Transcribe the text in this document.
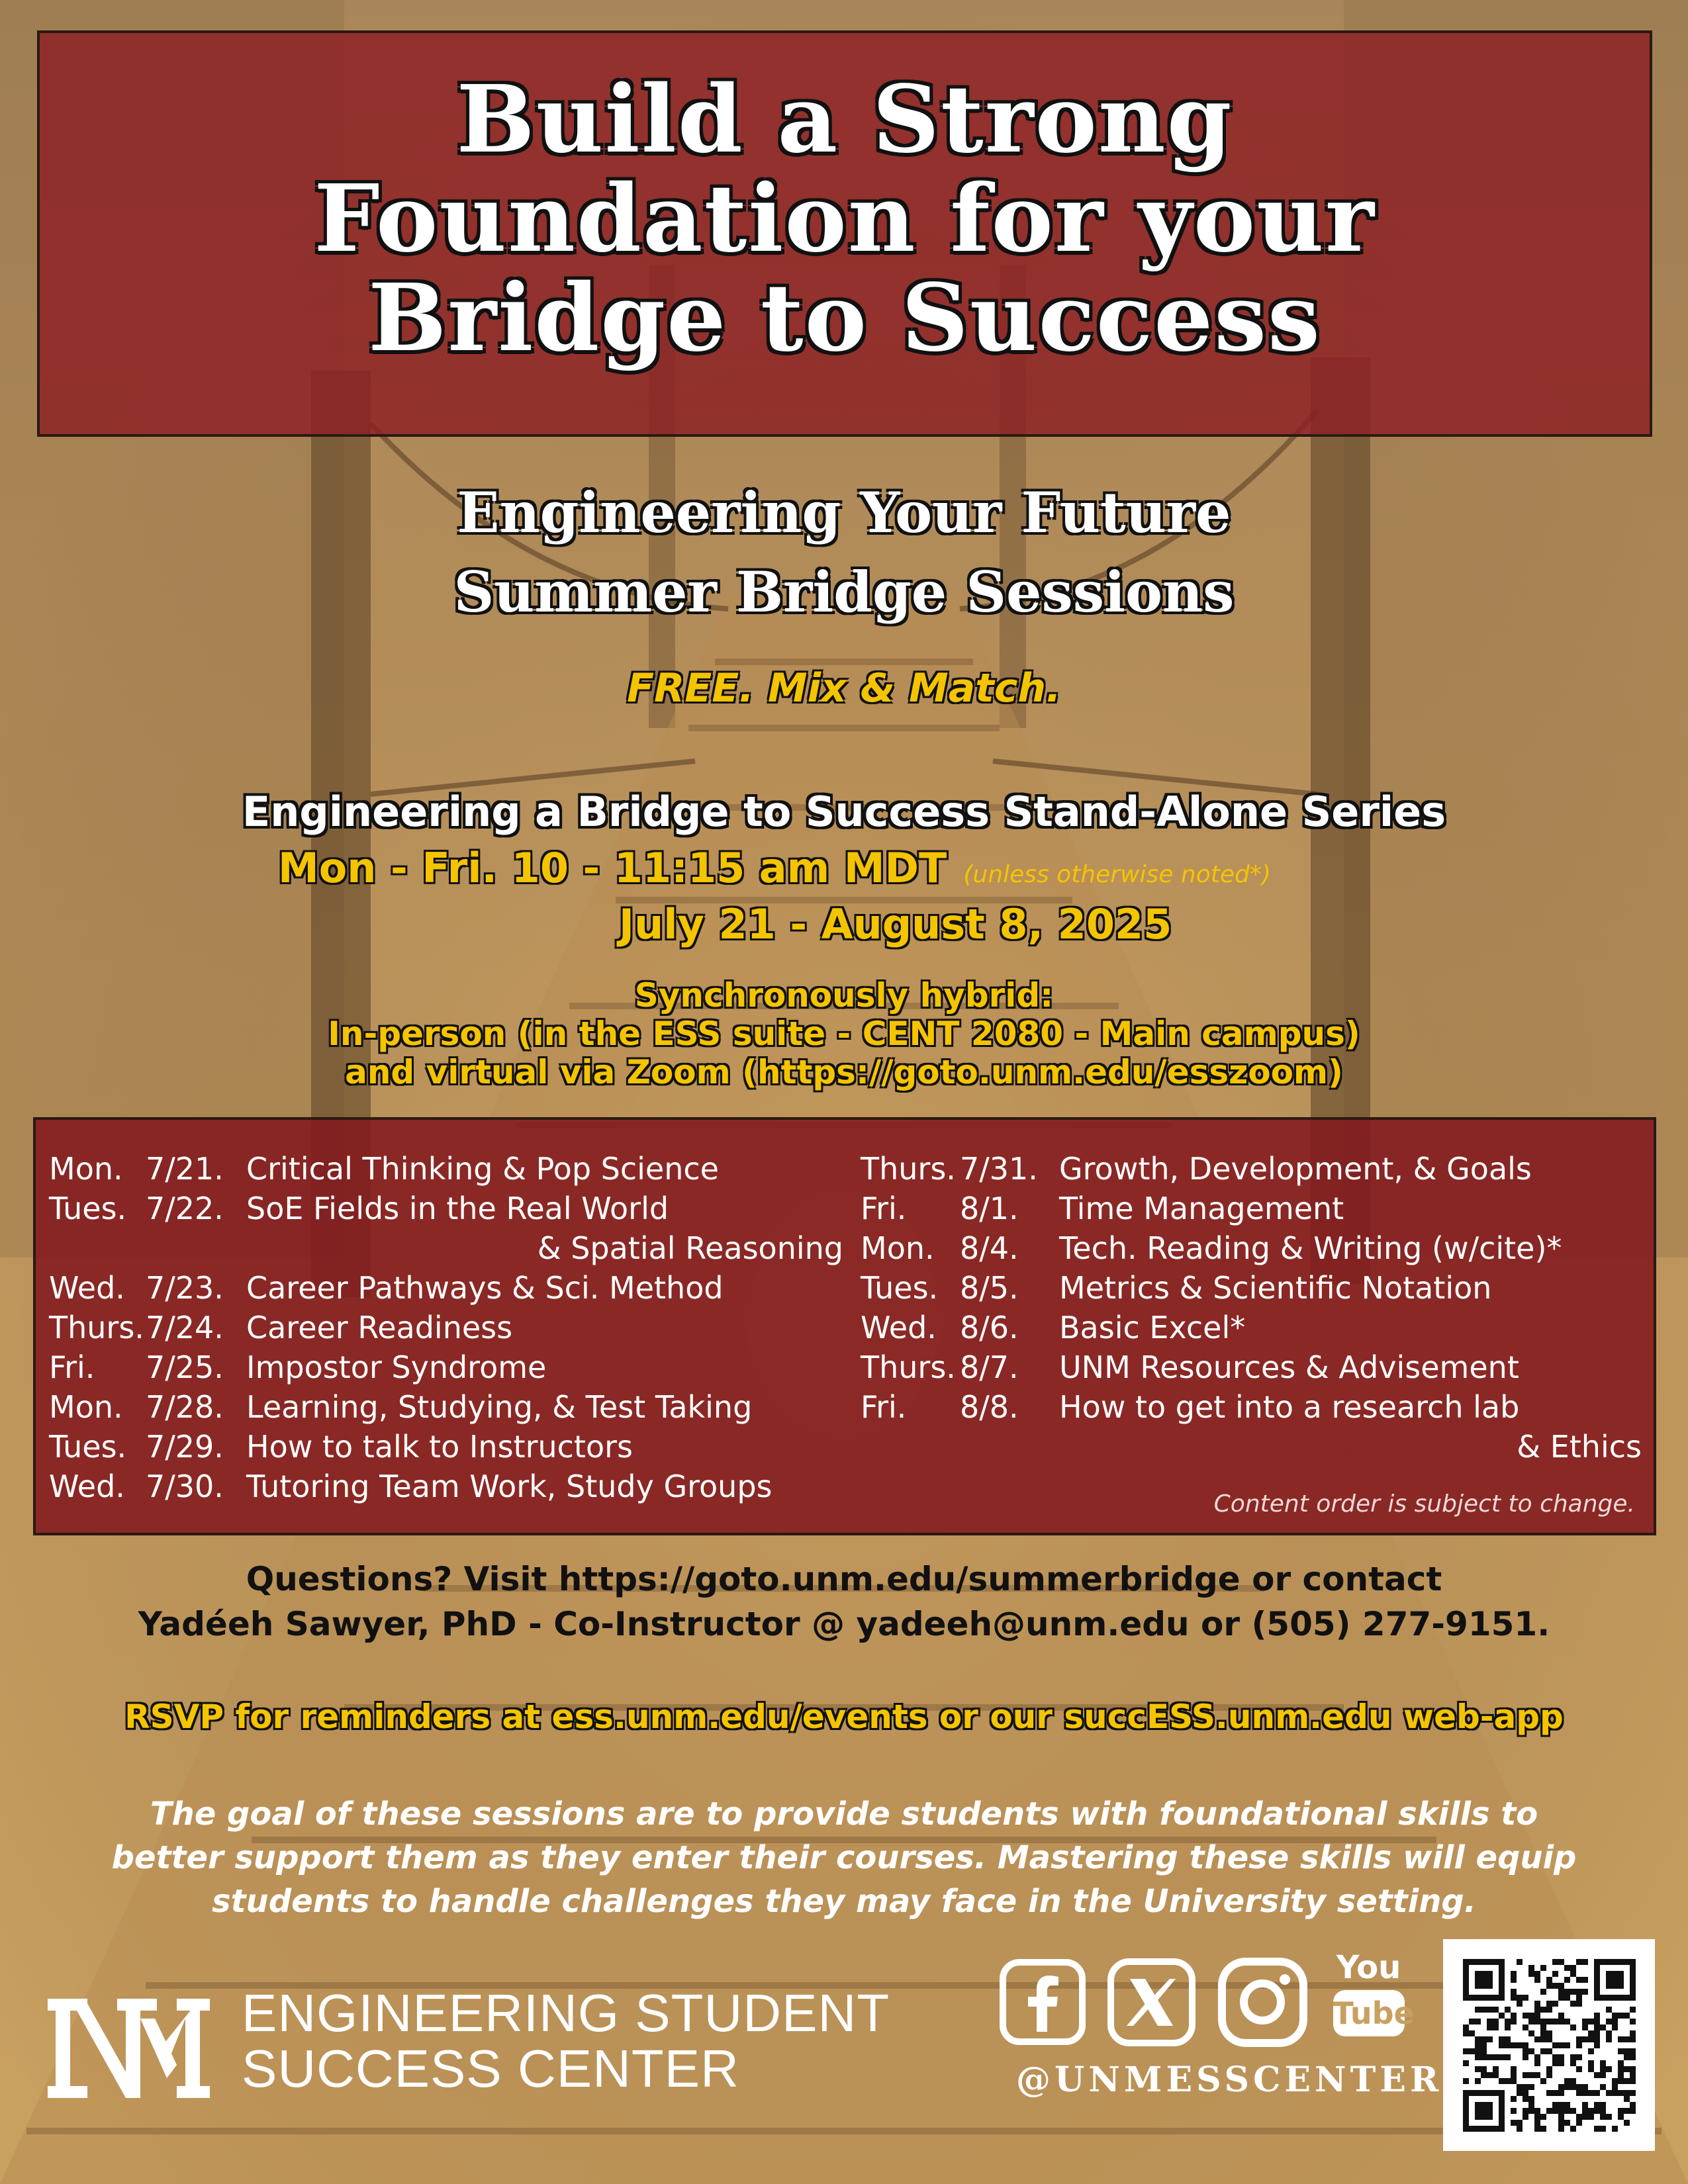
Build a Strong
Foundation for your
Bridge to Success
Engineering Your Future
Summer Bridge Sessions
FREE. Mix & Match.
Engineering a Bridge to Success Stand-Alone Series
Mon - Fri. 10 - 11:15 am MDT (unless otherwise noted*)
July 21 - August 8, 2025
Synchronously hybrid:
In-person (in the ESS suite - CENT 2080 - Main campus)
and virtual via Zoom (https://goto.unm.edu/esszoom)
Mon. 7/21. Critical Thinking & Pop Science
Tues. 7/22. SoE Fields in the Real World
& Spatial Reasoning
Wed. 7/23. Career Pathways & Sci. Method
Thurs. 7/24. Career Readiness
Fri. 7/25. Impostor Syndrome
Mon. 7/28. Learning, Studying, & Test Taking
Tues. 7/29. How to talk to Instructors
Wed. 7/30. Tutoring Team Work, Study Groups
Thurs. 7/31. Growth, Development, & Goals
Fri. 8/1. Time Management
Mon. 8/4. Tech. Reading & Writing (w/cite)*
Tues. 8/5. Metrics & Scientific Notation
Wed. 8/6. Basic Excel*
Thurs. 8/7. UNM Resources & Advisement
Fri. 8/8. How to get into a research lab
& Ethics
Content order is subject to change.
Questions? Visit https://goto.unm.edu/summerbridge or contact
Yadéeh Sawyer, PhD - Co-Instructor @ yadeeh@unm.edu or (505) 277-9151.
RSVP for reminders at ess.unm.edu/events or our succESS.unm.edu web-app
The goal of these sessions are to provide students with foundational skills to
better support them as they enter their courses. Mastering these skills will equip
students to handle challenges they may face in the University setting.
UNM
ENGINEERING STUDENT
SUCCESS CENTER
You
Tube
@UNMESSCENTER
